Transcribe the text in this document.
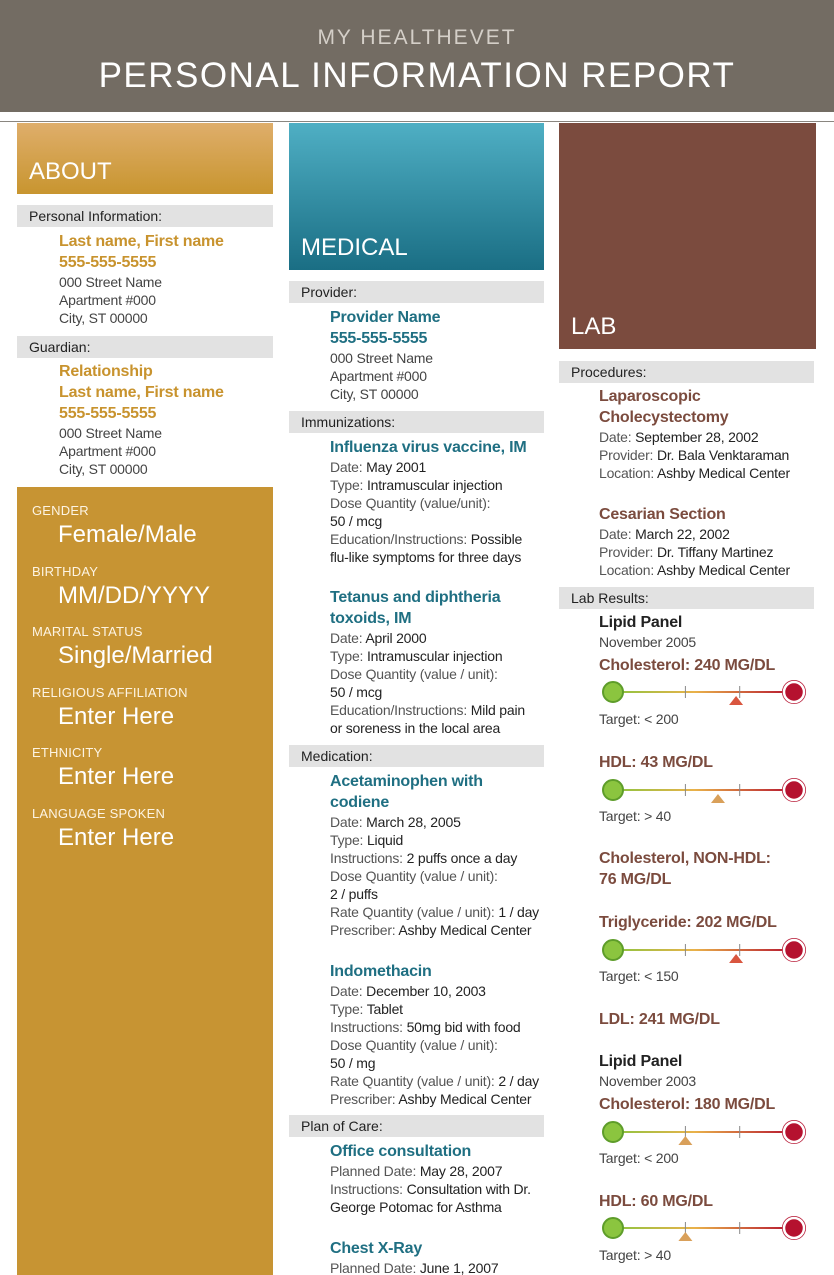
MY HEALTHEVET
PERSONAL INFORMATION REPORT
ABOUT
Personal Information:
Last name, First name
555-555-5555
000 Street Name
Apartment #000
City, ST 00000
Guardian:
Relationship
Last name, First name
555-555-5555
000 Street Name
Apartment #000
City, ST 00000
GENDER
Female/Male
BIRTHDAY
MM/DD/YYYY
MARITAL STATUS
Single/Married
RELIGIOUS AFFILIATION
Enter Here
ETHNICITY
Enter Here
LANGUAGE SPOKEN
Enter Here
MEDICAL
Provider:
Provider Name
555-555-5555
000 Street Name
Apartment #000
City, ST 00000
Immunizations:
Influenza virus vaccine, IM
Date: May 2001
Type: Intramuscular injection
Dose Quantity (value/unit):
50 / mcg
Education/Instructions: Possible
flu-like symptoms for three days
Tetanus and diphtheria
toxoids, IM
Date: April 2000
Type: Intramuscular injection
Dose Quantity (value / unit):
50 / mcg
Education/Instructions: Mild pain
or soreness in the local area
Medication:
Acetaminophen with
codiene
Date: March 28, 2005
Type: Liquid
Instructions: 2 puffs once a day
Dose Quantity (value / unit):
2 / puffs
Rate Quantity (value / unit): 1 / day
Prescriber: Ashby Medical Center
Indomethacin
Date: December 10, 2003
Type: Tablet
Instructions: 50mg bid with food
Dose Quantity (value / unit):
50 / mg
Rate Quantity (value / unit): 2 / day
Prescriber: Ashby Medical Center
Plan of Care:
Office consultation
Planned Date: May 28, 2007
Instructions: Consultation with Dr.
George Potomac for Asthma
Chest X-Ray
Planned Date: June 1, 2007
LAB
Procedures:
Laparoscopic
Cholecystectomy
Date: September 28, 2002
Provider: Dr. Bala Venktaraman
Location: Ashby Medical Center
Cesarian Section
Date: March 22, 2002
Provider: Dr. Tiffany Martinez
Location: Ashby Medical Center
Lab Results:
Lipid Panel
November 2005
Cholesterol: 240 MG/DL
Target: < 200
HDL: 43 MG/DL
Target: > 40
Cholesterol, NON-HDL:
76 MG/DL
Triglyceride: 202 MG/DL
Target: < 150
LDL: 241 MG/DL
Lipid Panel
November 2003
Cholesterol: 180 MG/DL
Target: < 200
HDL: 60 MG/DL
Target: > 40
